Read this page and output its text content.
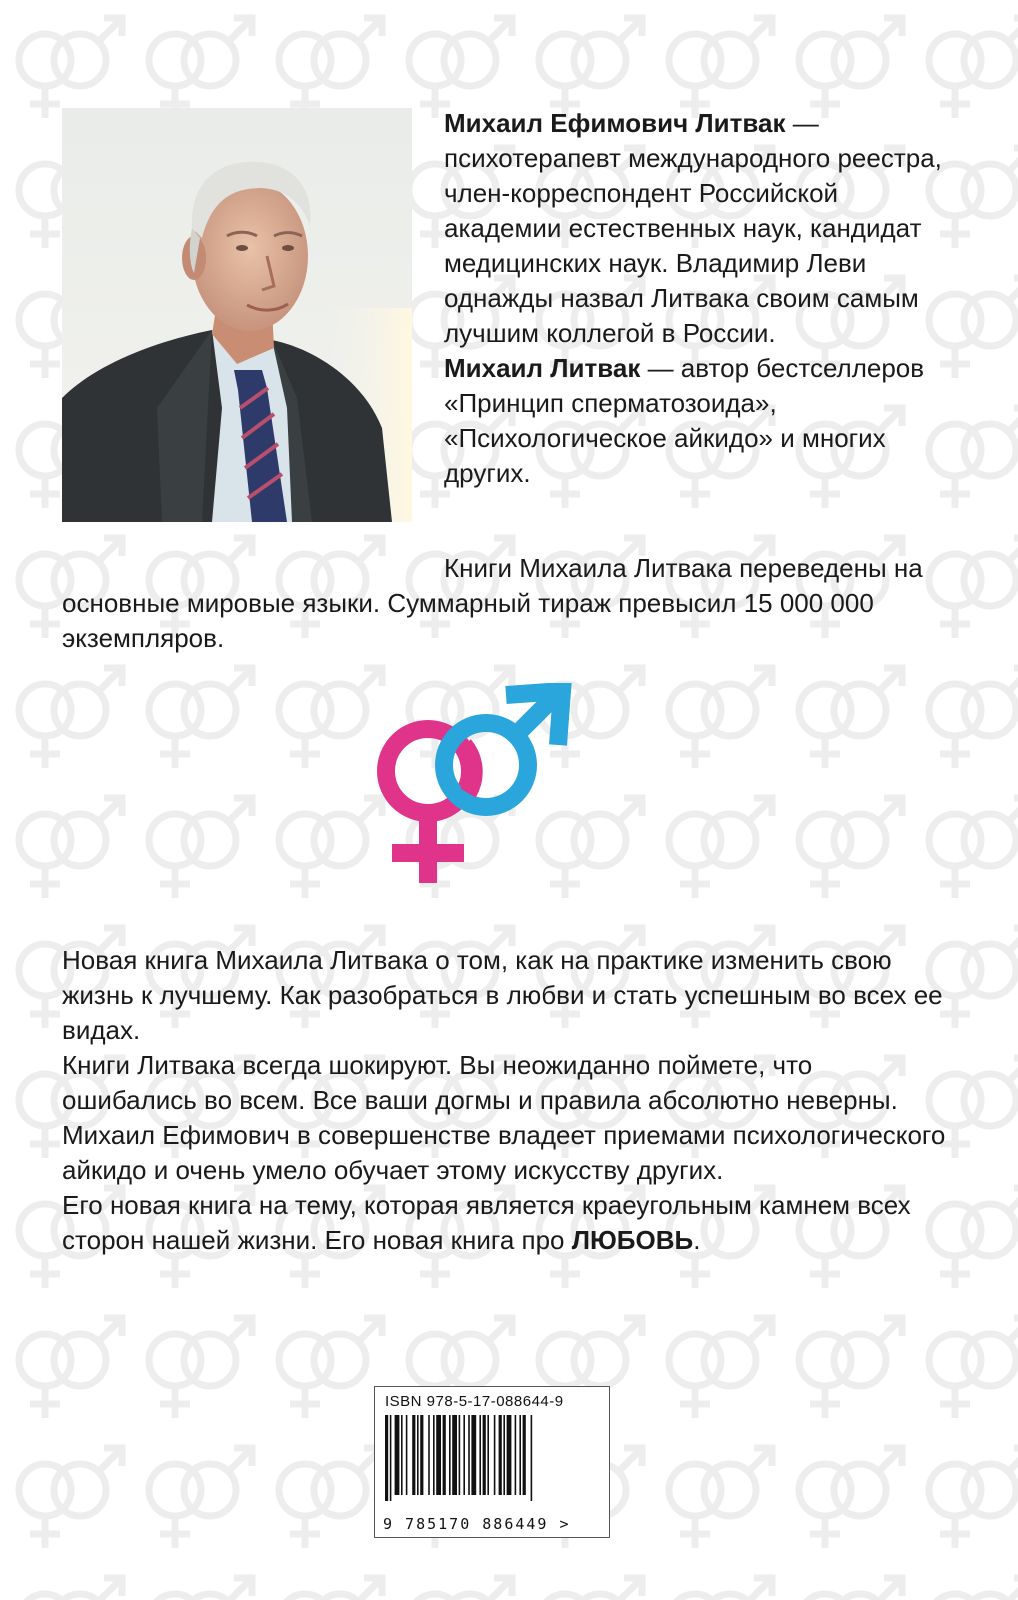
Михаил Ефимович Литвак — психотерапевт международного реестра, член-корреспондент Российской академии естественных наук, кандидат медицинских наук. Владимир Леви однажды назвал Литвака своим самым лучшим коллегой в России.

Михаил Литвак — автор бестселлеров «Принцип сперматозоида», «Психологическое айкидо» и многих других.

Книги Михаила Литвака переведены на основные мировые языки. Суммарный тираж превысил 15 000 000 экземпляров.

Новая книга Михаила Литвака о том, как на практике изменить свою жизнь к лучшему. Как разобраться в любви и стать успешным во всех ее видах.

Книги Литвака всегда шокируют. Вы неожиданно поймете, что ошибались во всем. Все ваши догмы и правила абсолютно неверны. Михаил Ефимович в совершенстве владеет приемами психологического айкидо и очень умело обучает этому искусству других.

Его новая книга на тему, которая является краеугольным камнем всех сторон нашей жизни. Его новая книга про ЛЮБОВЬ.

ISBN 978-5-17-088644-9
9 785170 886449 >
